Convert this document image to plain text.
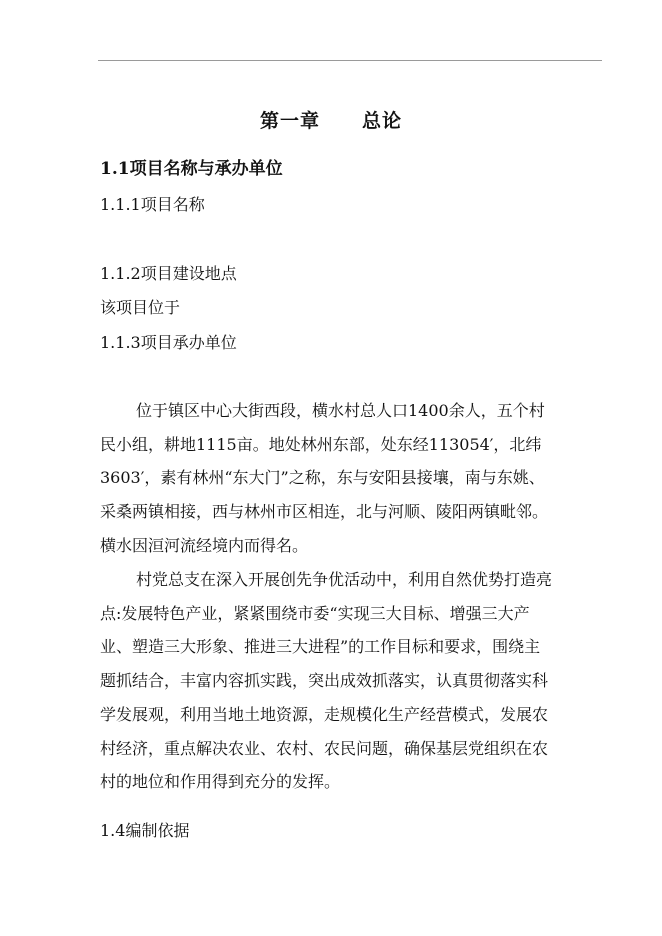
第一章 总论
1.1项目名称与承办单位
1.1.1项目名称
1.1.2项目建设地点
该项目位于
1.1.3项目承办单位
位于镇区中心大街西段，横水村总人口1400余人，五个村
民小组，耕地1115亩。地处林州东部，处东经113054′，北纬
3603′，素有林州“东大门”之称，东与安阳县接壤，南与东姚、
采桑两镇相接，西与林州市区相连，北与河顺、陵阳两镇毗邻。
横水因洹河流经境内而得名。
村党总支在深入开展创先争优活动中，利用自然优势打造亮
点:发展特色产业，紧紧围绕市委“实现三大目标、增强三大产
业、塑造三大形象、推进三大进程”的工作目标和要求，围绕主
题抓结合，丰富内容抓实践，突出成效抓落实，认真贯彻落实科
学发展观，利用当地土地资源，走规模化生产经营模式，发展农
村经济，重点解决农业、农村、农民问题，确保基层党组织在农
村的地位和作用得到充分的发挥。
1.4编制依据
